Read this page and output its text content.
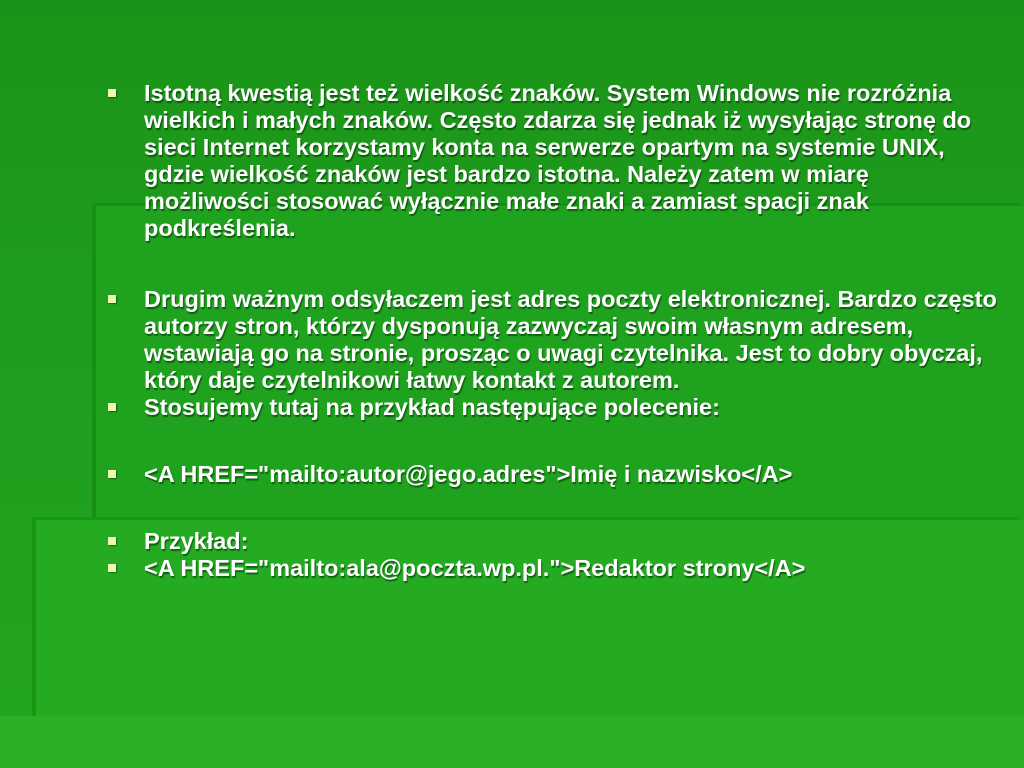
Istotną kwestią jest też wielkość znaków. System Windows nie rozróżnia wielkich i małych znaków. Często zdarza się jednak iż wysyłając stronę do sieci Internet korzystamy konta na serwerze opartym na systemie UNIX, gdzie wielkość znaków jest bardzo istotna. Należy zatem w miarę możliwości stosować wyłącznie małe znaki a zamiast spacji znak podkreślenia.
Drugim ważnym odsyłaczem jest adres poczty elektronicznej. Bardzo często autorzy stron, którzy dysponują zazwyczaj swoim własnym adresem, wstawiają go na stronie, prosząc o uwagi czytelnika. Jest to dobry obyczaj, który daje czytelnikowi łatwy kontakt z autorem.
Stosujemy tutaj na przykład następujące polecenie:
<A HREF="mailto:autor@jego.adres">Imię i nazwisko</A>
Przykład:
<A HREF="mailto:ala@poczta.wp.pl.">Redaktor strony</A>
